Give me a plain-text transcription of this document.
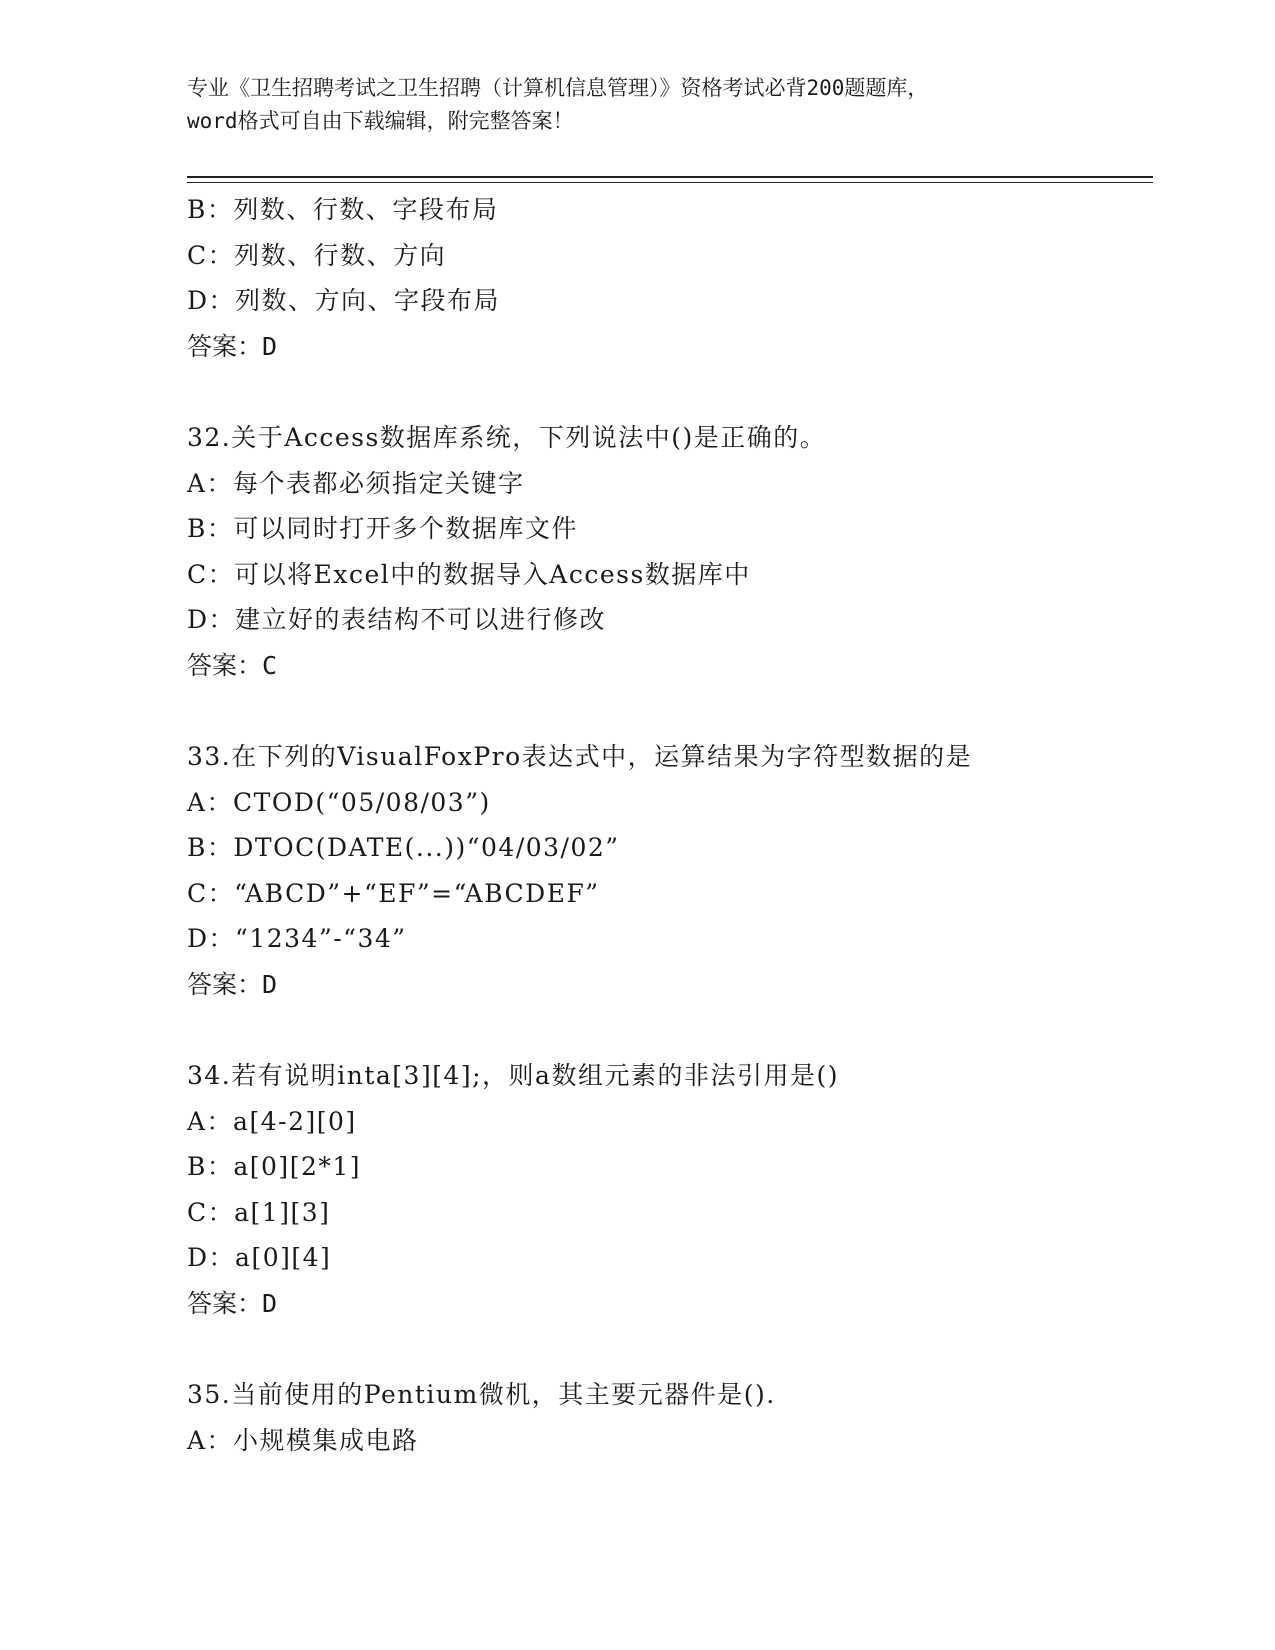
专业《卫生招聘考试之卫生招聘（计算机信息管理）》资格考试必背200题题库，
word格式可自由下载编辑，附完整答案！
B：列数、行数、字段布局
C：列数、行数、方向
D：列数、方向、字段布局
答案：D
32.关于Access数据库系统，下列说法中()是正确的。
A：每个表都必须指定关键字
B：可以同时打开多个数据库文件
C：可以将Excel中的数据导入Access数据库中
D：建立好的表结构不可以进行修改
答案：C
33.在下列的VisualFoxPro表达式中，运算结果为字符型数据的是
A：CTOD(“05/08/03”)
B：DTOC(DATE(...))“04/03/02”
C：“ABCD”+“EF”=“ABCDEF”
D：“1234”-“34”
答案：D
34.若有说明inta[3][4];，则a数组元素的非法引用是()
A：a[4-2][0]
B：a[0][2*1]
C：a[1][3]
D：a[0][4]
答案：D
35.当前使用的Pentium微机，其主要元器件是().
A：小规模集成电路
